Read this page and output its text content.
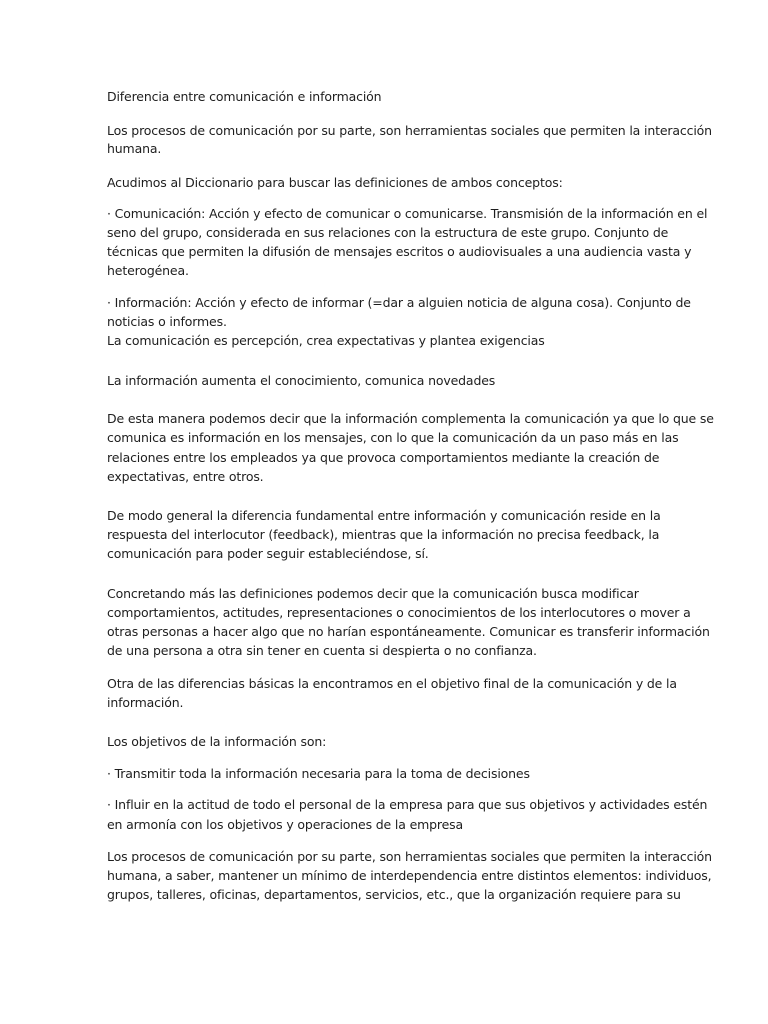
Diferencia entre comunicación e información

Los procesos de comunicación por su parte, son herramientas sociales que permiten la interacción

humana.

Acudimos al Diccionario para buscar las definiciones de ambos conceptos:

· Comunicación: Acción y efecto de comunicar o comunicarse. Transmisión de la información en el

seno del grupo, considerada en sus relaciones con la estructura de este grupo. Conjunto de

técnicas que permiten la difusión de mensajes escritos o audiovisuales a una audiencia vasta y

heterogénea.

· Información: Acción y efecto de informar (=dar a alguien noticia de alguna cosa). Conjunto de

noticias o informes.

La comunicación es percepción, crea expectativas y plantea exigencias

La información aumenta el conocimiento, comunica novedades

De esta manera podemos decir que la información complementa la comunicación ya que lo que se

comunica es información en los mensajes, con lo que la comunicación da un paso más en las

relaciones entre los empleados ya que provoca comportamientos mediante la creación de

expectativas, entre otros.

De modo general la diferencia fundamental entre información y comunicación reside en la

respuesta del interlocutor (feedback), mientras que la información no precisa feedback, la

comunicación para poder seguir estableciéndose, sí.

Concretando más las definiciones podemos decir que la comunicación busca modificar

comportamientos, actitudes, representaciones o conocimientos de los interlocutores o mover a

otras personas a hacer algo que no harían espontáneamente. Comunicar es transferir información

de una persona a otra sin tener en cuenta si despierta o no confianza.

Otra de las diferencias básicas la encontramos en el objetivo final de la comunicación y de la

información.

Los objetivos de la información son:

· Transmitir toda la información necesaria para la toma de decisiones

· Influir en la actitud de todo el personal de la empresa para que sus objetivos y actividades estén

en armonía con los objetivos y operaciones de la empresa

Los procesos de comunicación por su parte, son herramientas sociales que permiten la interacción

humana, a saber, mantener un mínimo de interdependencia entre distintos elementos: individuos,

grupos, talleres, oficinas, departamentos, servicios, etc., que la organización requiere para su
